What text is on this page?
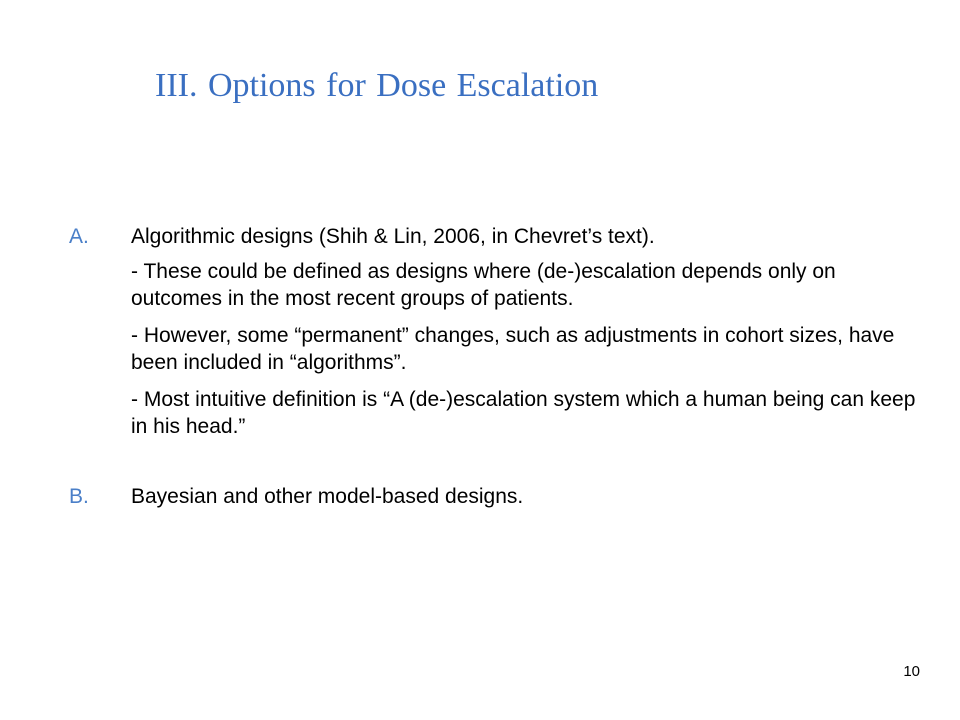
III. Options for Dose Escalation
A. Algorithmic designs (Shih & Lin, 2006, in Chevret’s text).
- These could be defined as designs where (de-)escalation depends only on outcomes in the most recent groups of patients.
- However, some “permanent” changes, such as adjustments in cohort sizes, have been included in “algorithms”.
- Most intuitive definition is “A (de-)escalation system which a human being can keep in his head.”
B. Bayesian and other model-based designs.
10
